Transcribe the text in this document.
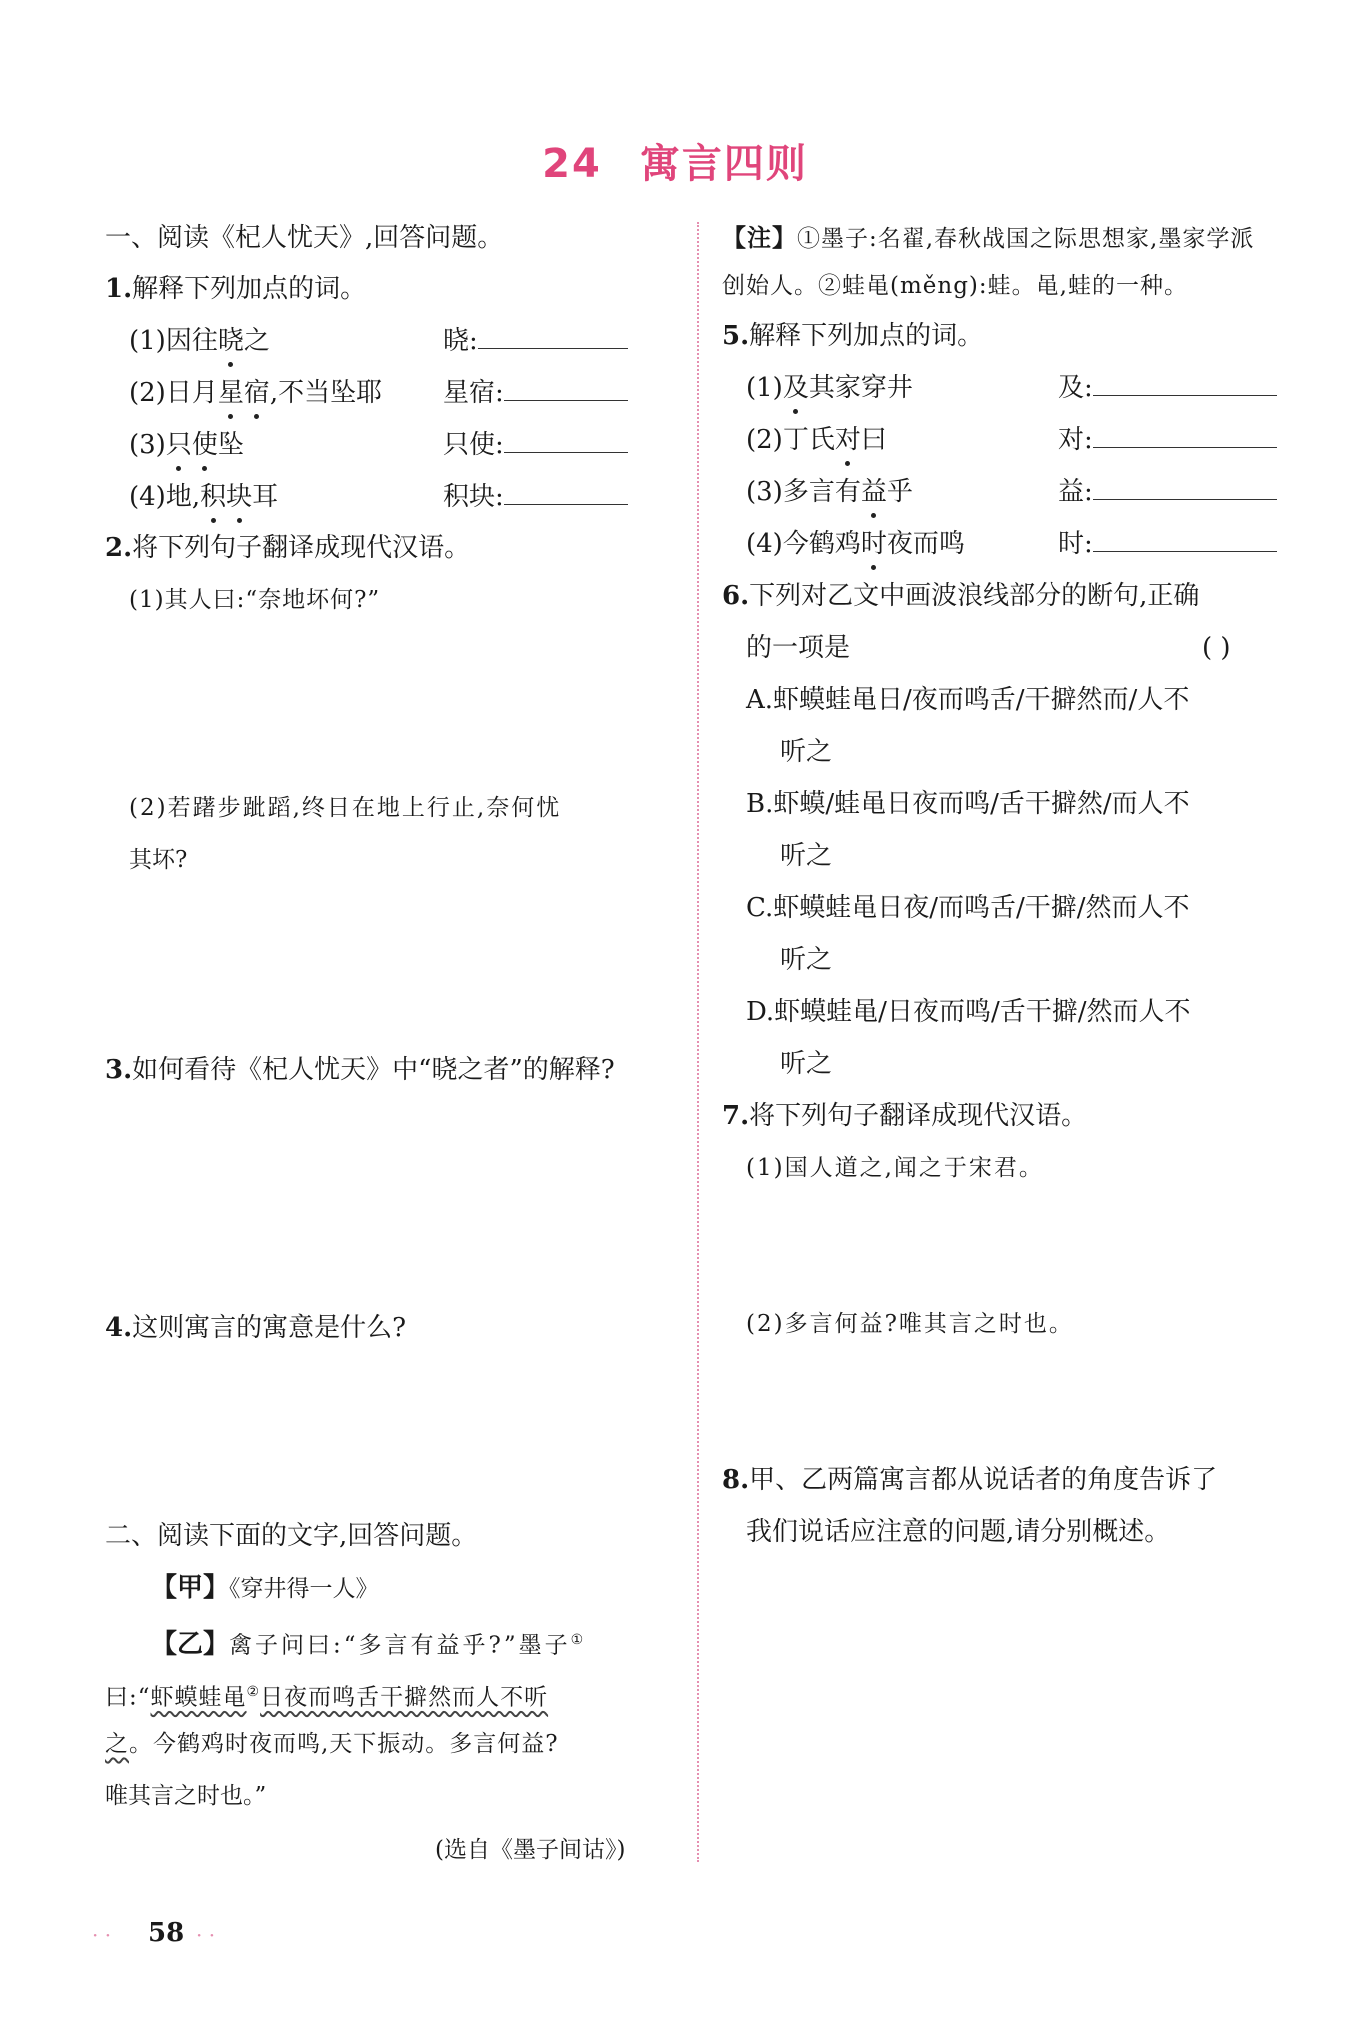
24 寓言四则
一、阅读《杞人忧天》,回答问题。
1.解释下列加点的词。
(1)因往晓之	晓:
(2)日月星宿,不当坠耶 星宿:
(3)只使坠	只使:
(4)地,积块耳	积块:
2.将下列句子翻译成现代汉语。
(1)其人曰:“奈地坏何?”
(2)若躇步跐蹈,终日在地上行止,奈何忧
其坏?
3.如何看待《杞人忧天》中“晓之者”的解释?
4.这则寓言的寓意是什么?
二、阅读下面的文字,回答问题。
【甲】《穿井得一人》
【乙】禽子问曰:“多言有益乎?”墨子①
曰:“虾蟆蛙黾②日夜而鸣舌干擗然而人不听
之。今鹤鸡时夜而鸣,天下振动。多言何益?
唯其言之时也。”
(选自《墨子间诂》)
【注】①墨子:名翟,春秋战国之际思想家,墨家学派
创始人。②蛙黾(měng):蛙。黾,蛙的一种。
5.解释下列加点的词。
(1)及其家穿井	及:
(2)丁氏对曰	对:
(3)多言有益乎	益:
(4)今鹤鸡时夜而鸣	时:
6.下列对乙文中画波浪线部分的断句,正确
的一项是	( )
A.虾蟆蛙黾日/夜而鸣舌/干擗然而/人不
听之
B.虾蟆/蛙黾日夜而鸣/舌干擗然/而人不
听之
C.虾蟆蛙黾日夜/而鸣舌/干擗/然而人不
听之
D.虾蟆蛙黾/日夜而鸣/舌干擗/然而人不
听之
7.将下列句子翻译成现代汉语。
(1)国人道之,闻之于宋君。
(2)多言何益?唯其言之时也。
8.甲、乙两篇寓言都从说话者的角度告诉了
我们说话应注意的问题,请分别概述。
· · 58 · ·
